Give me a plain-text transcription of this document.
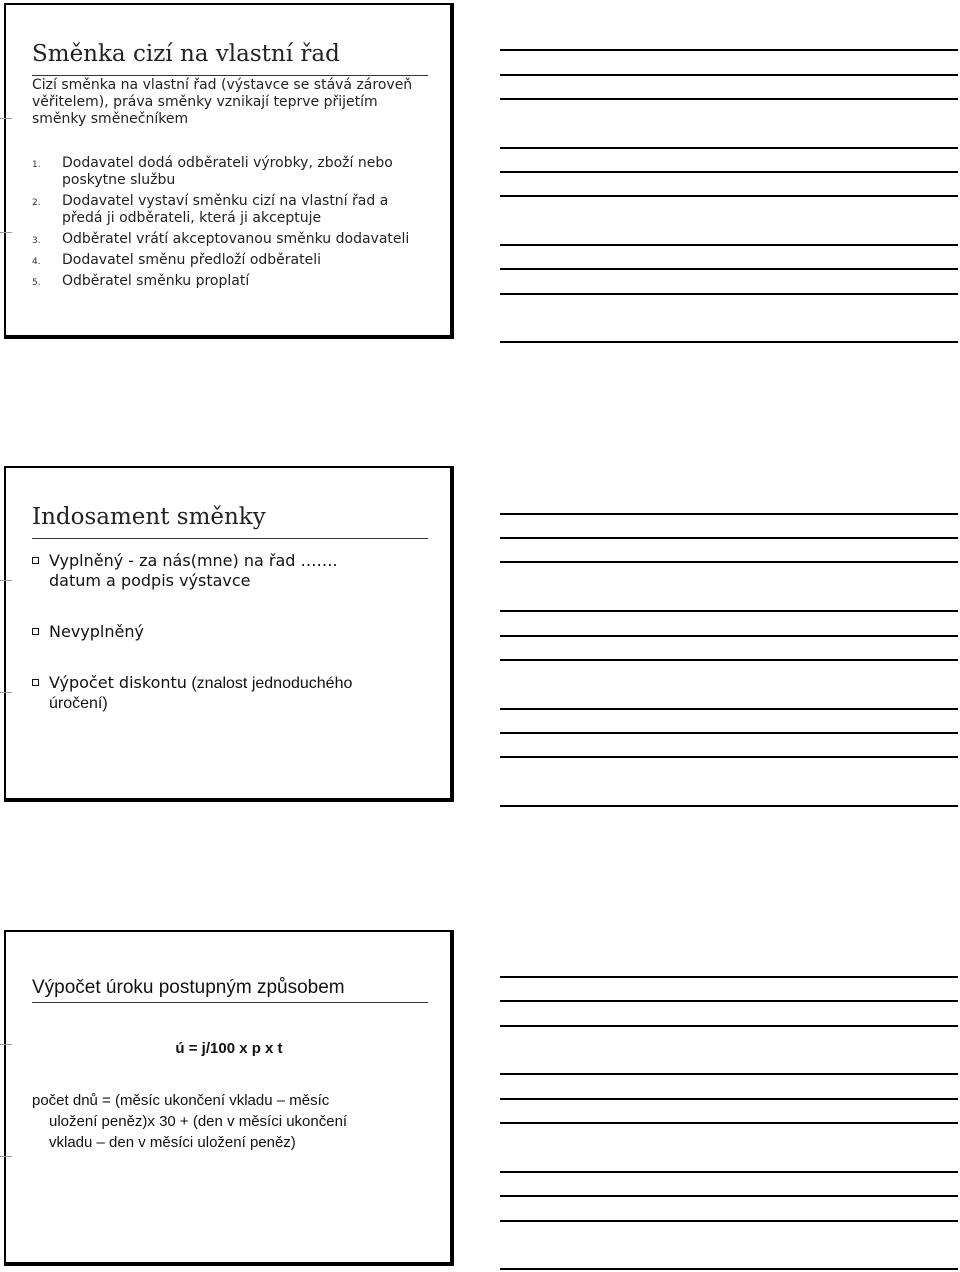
Směnka cizí na vlastní řad
Cizí směnka na vlastní řad (výstavce se stává zároveň
věřitelem), práva směnky vznikají teprve přijetím
směnky směnečníkem
1. Dodavatel dodá odběrateli výrobky, zboží nebo
poskytne službu
2. Dodavatel vystaví směnku cizí na vlastní řad a
předá ji odběrateli, která ji akceptuje
3. Odběratel vrátí akceptovanou směnku dodavateli
4. Dodavatel směnu předloží odběrateli
5. Odběratel směnku proplatí
Indosament směnky
Vyplněný - za nás(mne) na řad …….
datum a podpis výstavce
Nevyplněný
Výpočet diskontu (znalost jednoduchého
úročení)
Výpočet úroku postupným způsobem
ú = j/100 x p x t
počet dnů = (měsíc ukončení vkladu – měsíc
uložení peněz)x 30 + (den v měsíci ukončení
vkladu – den v měsíci uložení peněz)
